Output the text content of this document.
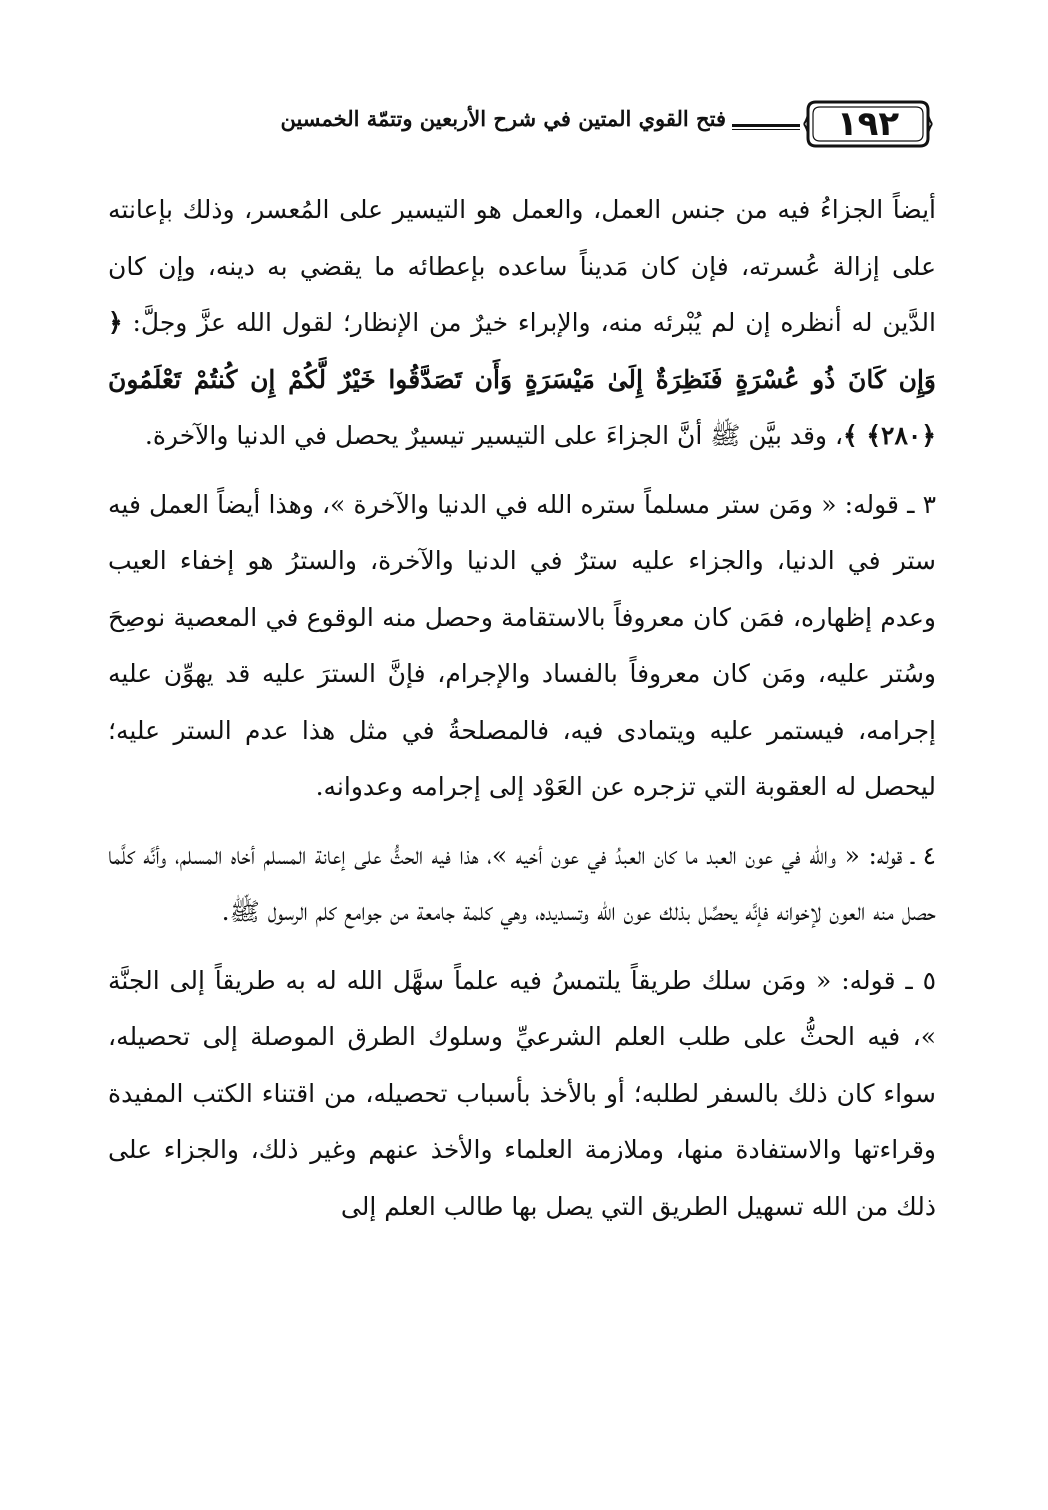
١٩٢
فتح القوي المتين في شرح الأربعين وتتمّة الخمسين

أيضاً الجزاءُ فيه من جنس العمل، والعمل هو التيسير على المُعسر، وذلك بإعانته على إزالة عُسرته، فإن كان مَديناً ساعده بإعطائه ما يقضي به دينه، وإن كان الدَّين له أنظره إن لم يُبْرئه منه، والإبراء خيرٌ من الإنظار؛ لقول الله عزَّ وجلَّ: ﴿ وَإِن كَانَ ذُو عُسْرَةٍ فَنَظِرَةٌ إِلَىٰ مَيْسَرَةٍ وَأَن تَصَدَّقُوا خَيْرٌ لَّكُمْ إِن كُنتُمْ تَعْلَمُونَ ﴿٢٨٠﴾ ﴾، وقد بيَّن ﷺ أنَّ الجزاءَ على التيسير تيسيرٌ يحصل في الدنيا والآخرة.

٣ ـ قوله: « ومَن ستر مسلماً ستره الله في الدنيا والآخرة »، وهذا أيضاً العمل فيه ستر في الدنيا، والجزاء عليه سترٌ في الدنيا والآخرة، والسترُ هو إخفاء العيب وعدم إظهاره، فمَن كان معروفاً بالاستقامة وحصل منه الوقوع في المعصية نوصِحَ وسُتر عليه، ومَن كان معروفاً بالفساد والإجرام، فإنَّ السترَ عليه قد يهوِّن عليه إجرامه، فيستمر عليه ويتمادى فيه، فالمصلحةُ في مثل هذا عدم الستر عليه؛ ليحصل له العقوبة التي تزجره عن العَوْد إلى إجرامه وعدوانه.

٤ ـ قوله: « والله في عون العبد ما كان العبدُ في عون أخيه »، هذا فيه الحثُّ على إعانة المسلم أخاه المسلم، وأنَّه كلَّما حصل منه العون لإخوانه فإنَّه يحصِّل بذلك عون الله وتسديده، وهي كلمة جامعة من جوامع كلم الرسول ﷺ.

٥ ـ قوله: « ومَن سلك طريقاً يلتمسُ فيه علماً سهَّل الله له به طريقاً إلى الجنَّة »، فيه الحثُّ على طلب العلم الشرعيِّ وسلوك الطرق الموصلة إلى تحصيله، سواء كان ذلك بالسفر لطلبه؛ أو بالأخذ بأسباب تحصيله، من اقتناء الكتب المفيدة وقراءتها والاستفادة منها، وملازمة العلماء والأخذ عنهم وغير ذلك، والجزاء على ذلك من الله تسهيل الطريق التي يصل بها طالب العلم إلى
